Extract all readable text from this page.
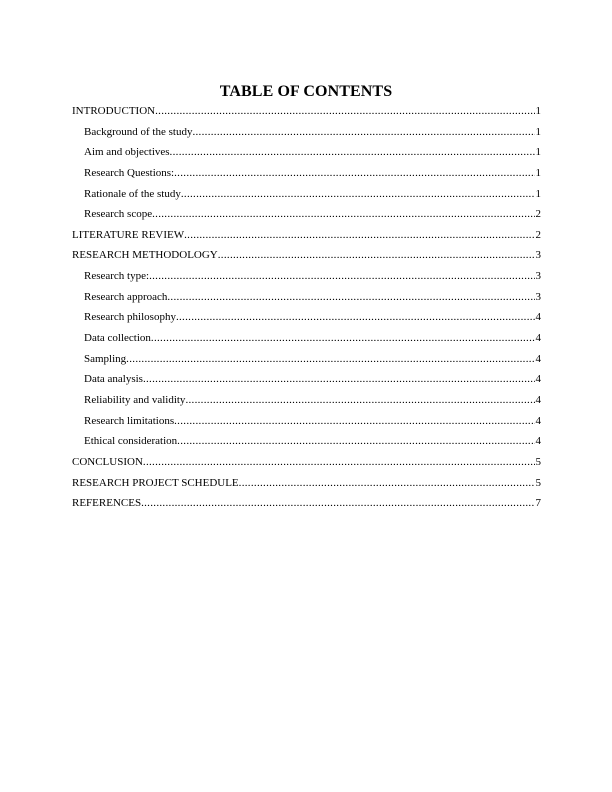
TABLE OF CONTENTS
INTRODUCTION .....	1
Background of the study .....	1
Aim and objectives .....	1
Research Questions: .....	1
Rationale of the study .....	1
Research scope .....	2
LITERATURE REVIEW .....	2
RESEARCH METHODOLOGY .....	3
Research type: .....	3
Research approach .....	3
Research philosophy .....	4
Data collection .....	4
Sampling .....	4
Data analysis .....	4
Reliability and validity .....	4
Research limitations .....	4
Ethical consideration .....	4
CONCLUSION .....	5
RESEARCH PROJECT SCHEDULE .....	5
REFERENCES .....	7
